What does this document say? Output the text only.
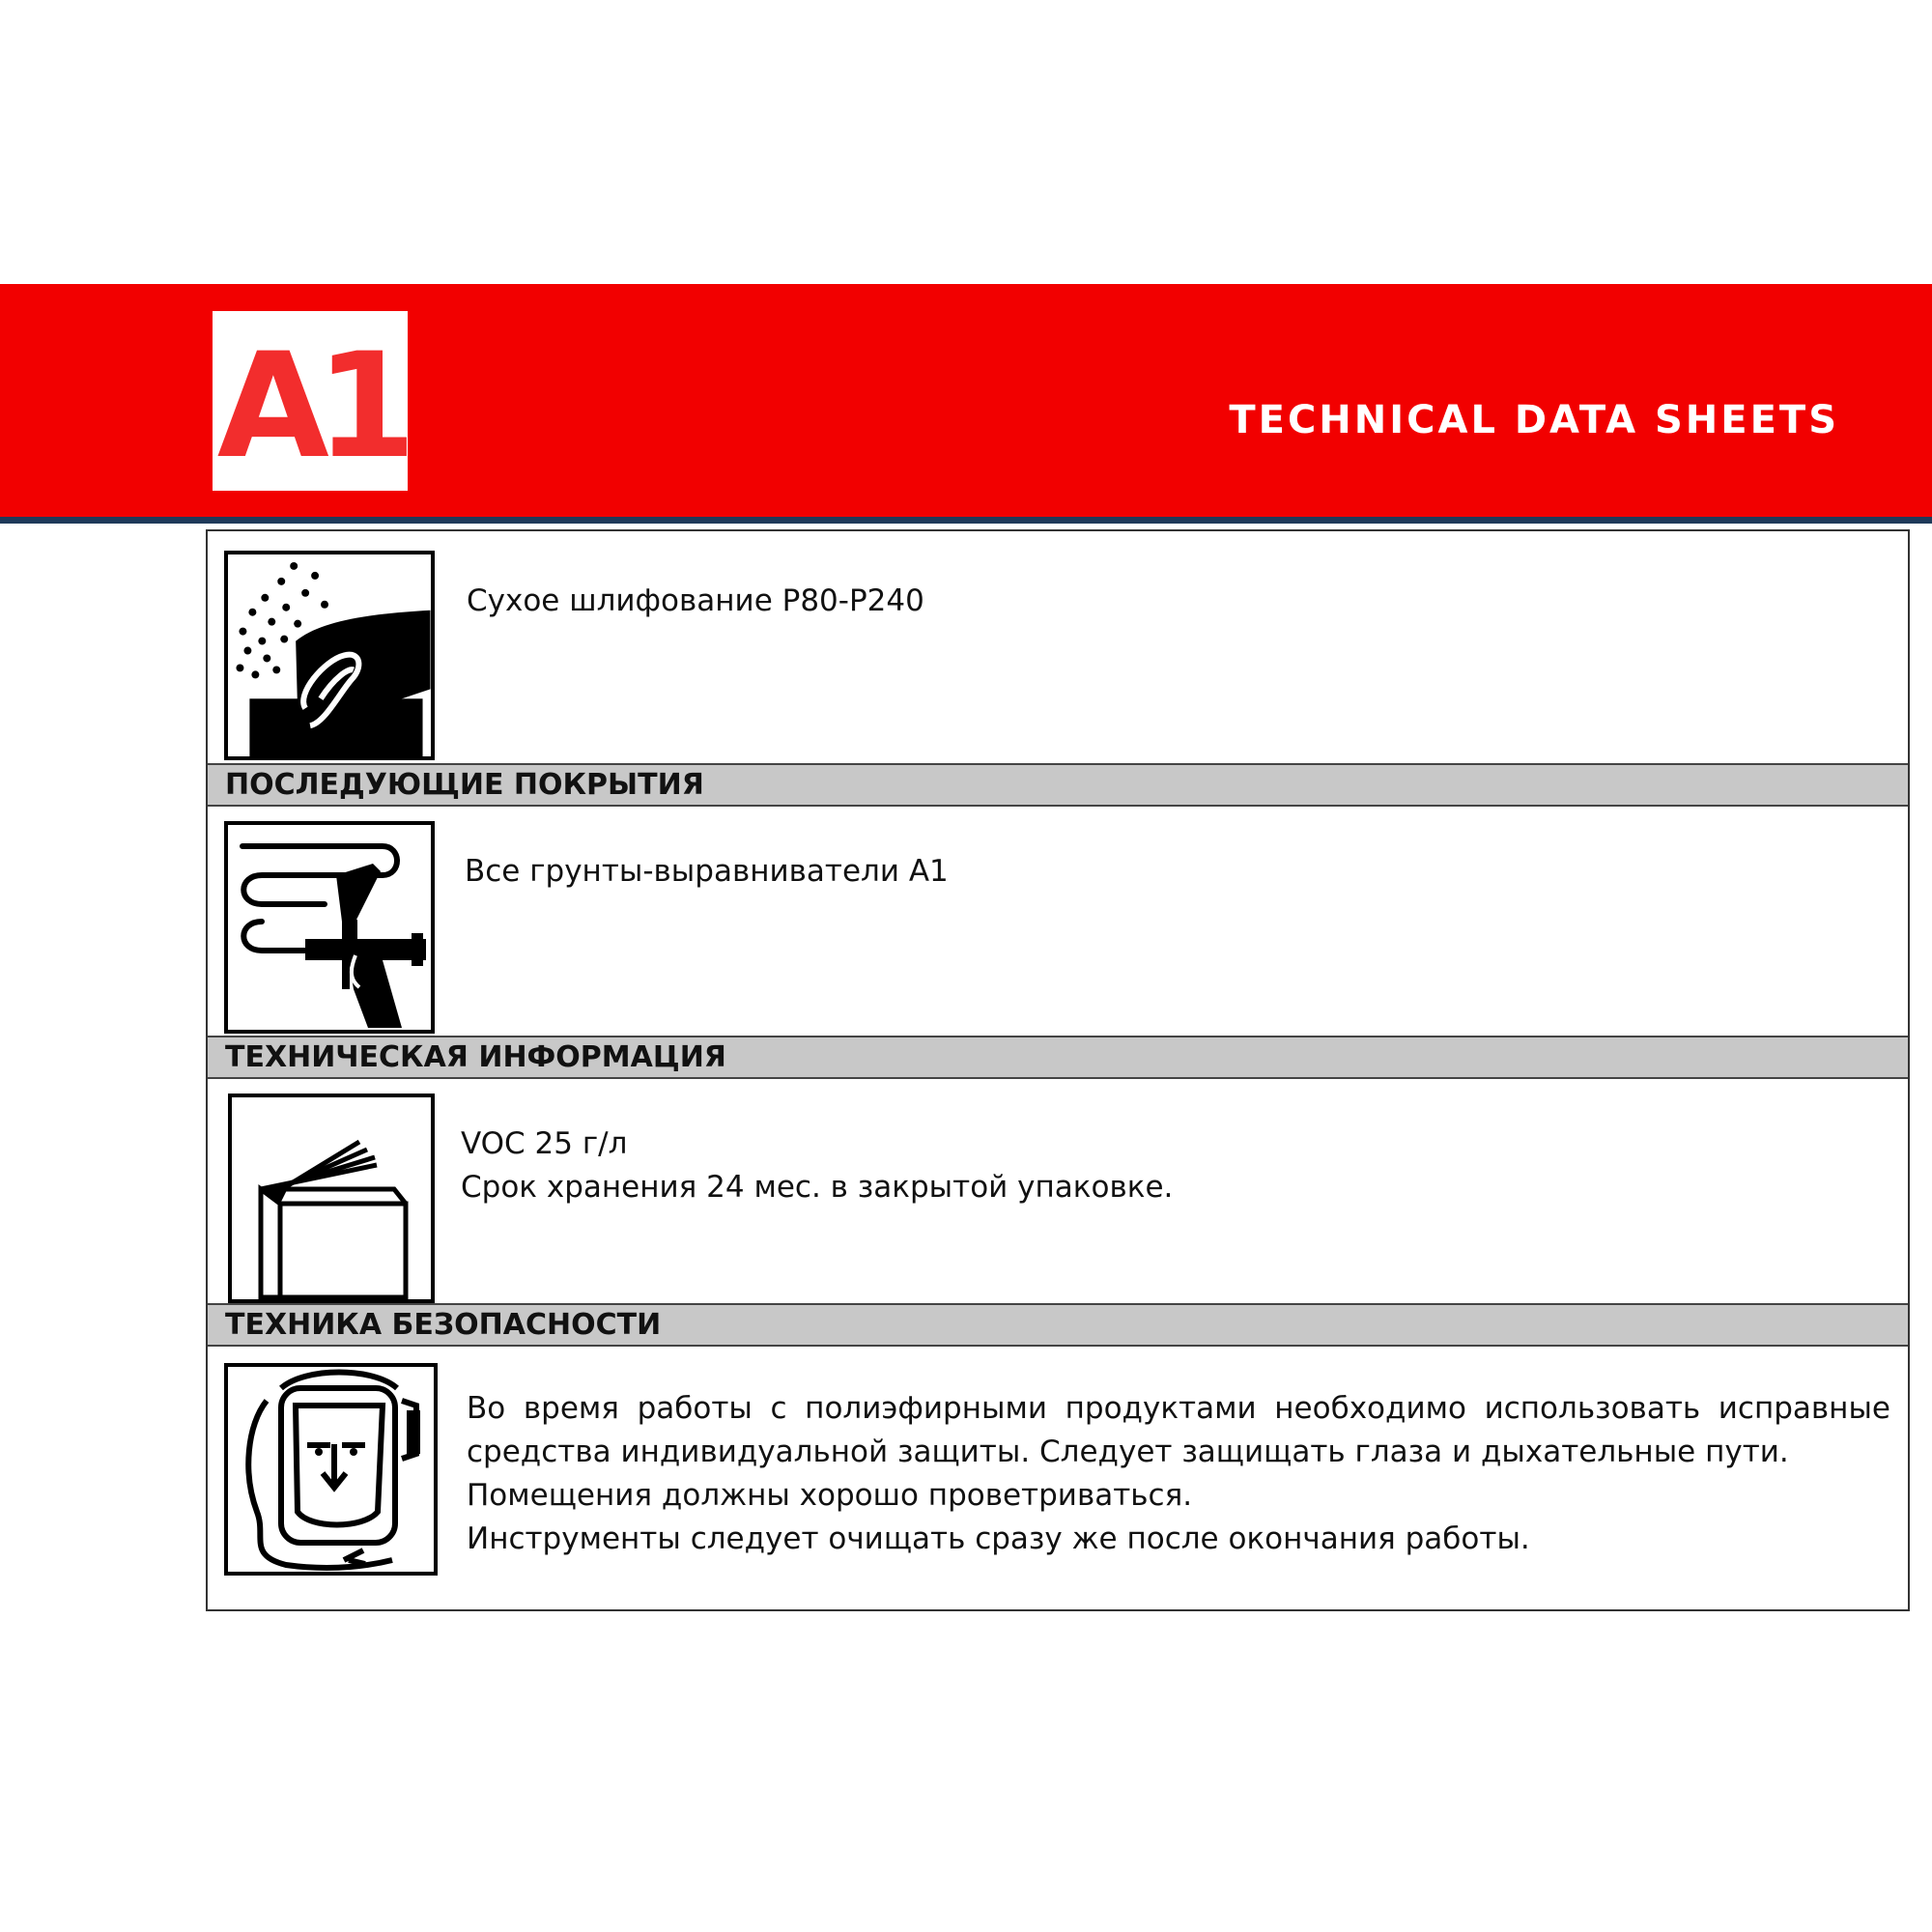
A1	TECHNICAL DATA SHEETS
Сухое шлифование P80-P240
ПОСЛЕДУЮЩИЕ ПОКРЫТИЯ
Все грунты-выравниватели A1
ТЕХНИЧЕСКАЯ ИНФОРМАЦИЯ

VOC 25 г/л

Срок хранения 24 мес. в закрытой упаковке.

ТЕХНИКА БЕЗОПАСНОСТИ

Во время работы с полиэфирными продуктами необходимо использовать исправные

средства индивидуальной защиты. Следует защищать глаза и дыхательные пути.

Помещения должны хорошо проветриваться.

Инструменты следует очищать сразу же после окончания работы.
